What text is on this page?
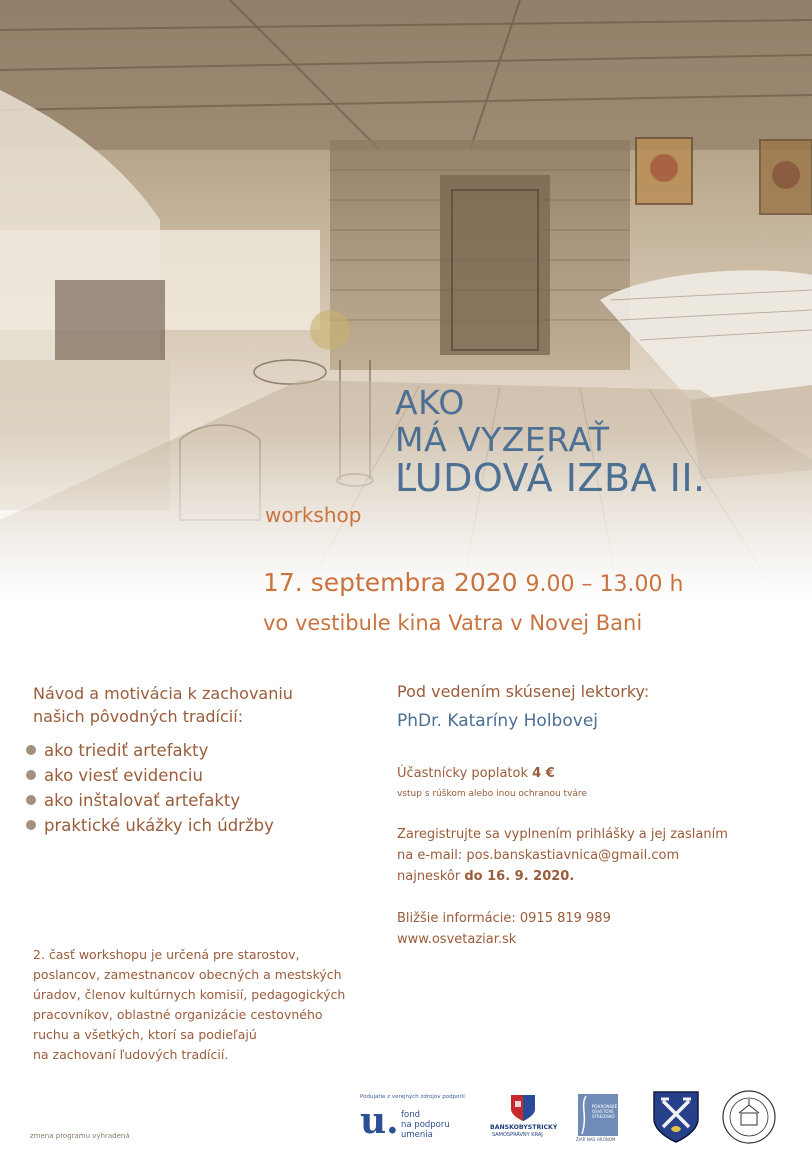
AKO

MÁ VYZERAŤ

ĽUDOVÁ IZBA II.

workshop
17. septembra 2020 9.00 – 13.00 h
vo vestibule kina Vatra v Novej Bani
Návod a motivácia k zachovaniu
našich pôvodných tradícií:
ako triediť artefakty
ako viesť evidenciu
ako inštalovať artefakty
praktické ukážky ich údržby
Pod vedením skúsenej lektorky:
PhDr. Kataríny Holbovej
Účastnícky poplatok 4 €
vstup s rúškom alebo inou ochranou tváre
Zaregistrujte sa vyplnením prihlášky a jej zaslaním
na e-mail: pos.banskastiavnica@gmail.com
najneskôr do 16. 9. 2020.
Bližšie informácie: 0915 819 989
www.osvetaziar.sk
2. časť workshopu je určená pre starostov,
poslancov, zamestnancov obecných a mestských
úradov, členov kultúrnych komisií, pedagogických
pracovníkov, oblastné organizácie cestovného
ruchu a všetkých, ktorí sa podieľajú
na zachovaní ľudových tradícií.
zmena programu vyhradená
Podujatie z verejných zdrojov podporil
u. fond
na podporu
umenia
BANSKOBYSTRICKÝ
SAMOSPRÁVNY KRAJ
POHRONSKÉ OSVETOVÉ STREDISKO
ŽIAR NAD HRONOM
